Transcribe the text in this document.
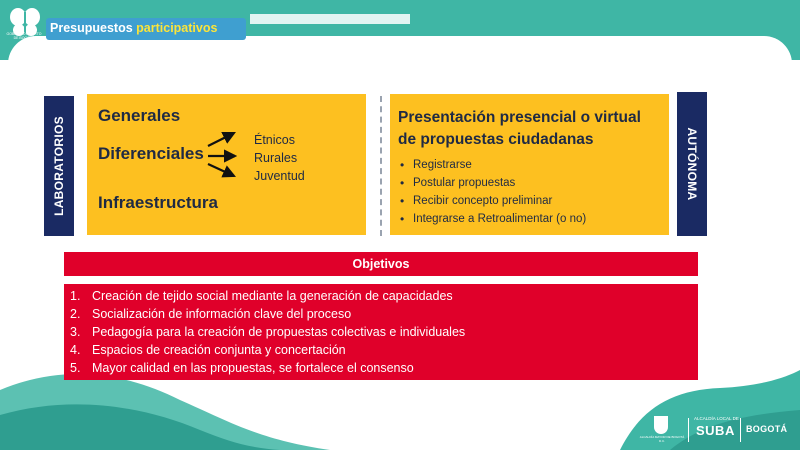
GOBIERNO ABIERTO DE BOGOTÁ
Presupuestos participativos
LABORATORIOS
Generales
Diferenciales
Infraestructura
Étnicos
Rurales
Juventud
Presentación presencial o virtual
de propuestas ciudadanas
• Registrarse
• Postular propuestas
• Recibir concepto preliminar
• Integrarse a Retroalimentar (o no)
AUTÓNOMA
Objetivos
1. Creación de tejido social mediante la generación de capacidades
2. Socialización de información clave del proceso
3. Pedagogía para la creación de propuestas colectivas e individuales
4. Espacios de creación conjunta y concertación
5. Mayor calidad en las propuestas, se fortalece el consenso
ALCALDÍA MAYOR DE BOGOTÁ D.C.
ALCALDÍA LOCAL DE
SUBA BOGOTÁ
